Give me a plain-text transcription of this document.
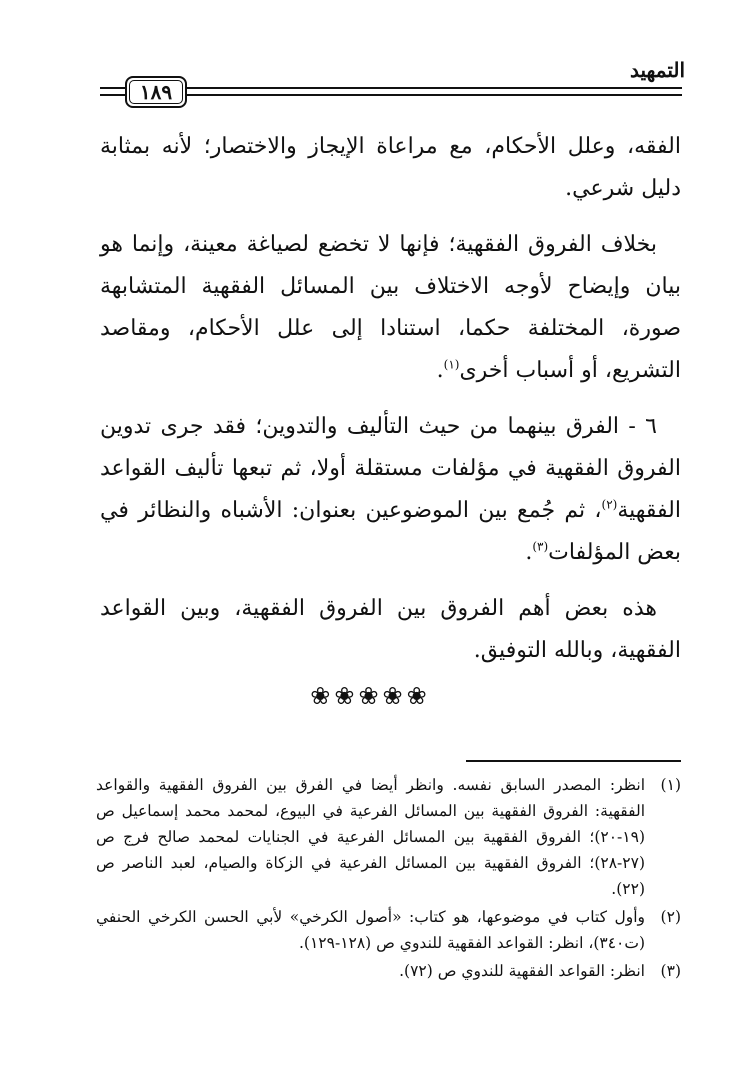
التمهيد
١٨٩

الفقه، وعلل الأحكام، مع مراعاة الإيجاز والاختصار؛ لأنه بمثابة دليل شرعي.

بخلاف الفروق الفقهية؛ فإنها لا تخضع لصياغة معينة، وإنما هو بيان وإيضاح لأوجه الاختلاف بين المسائل الفقهية المتشابهة صورة، المختلفة حكما، استنادا إلى علل الأحكام، ومقاصد التشريع، أو أسباب أخرى$^{(١)}$.

٦ - الفرق بينهما من حيث التأليف والتدوين؛ فقد جرى تدوين الفروق الفقهية في مؤلفات مستقلة أولا، ثم تبعها تأليف القواعد الفقهية$^{(٢)}$، ثم جُمع بين الموضوعين بعنوان: الأشباه والنظائر في بعض المؤلفات$^{(٣)}$.

هذه بعض أهم الفروق بين الفروق الفقهية، وبين القواعد الفقهية، وبالله التوفيق.

❀❀❀❀❀
(١)
انظر: المصدر السابق نفسه. وانظر أيضا في الفرق بين الفروق الفقهية والقواعد الفقهية: الفروق الفقهية بين المسائل الفرعية في البيوع، لمحمد محمد إسماعيل ص (١٩-٢٠)؛ الفروق الفقهية بين المسائل الفرعية في الجنايات لمحمد صالح فرج ص (٢٧-٢٨)؛ الفروق الفقهية بين المسائل الفرعية في الزكاة والصيام، لعبد الناصر ص (٢٢).
(٢)
وأول كتاب في موضوعها، هو كتاب: «أصول الكرخي» لأبي الحسن الكرخي الحنفي (ت٣٤٠)، انظر: القواعد الفقهية للندوي ص (١٢٨-١٢٩).
(٣)
انظر: القواعد الفقهية للندوي ص (٧٢).
